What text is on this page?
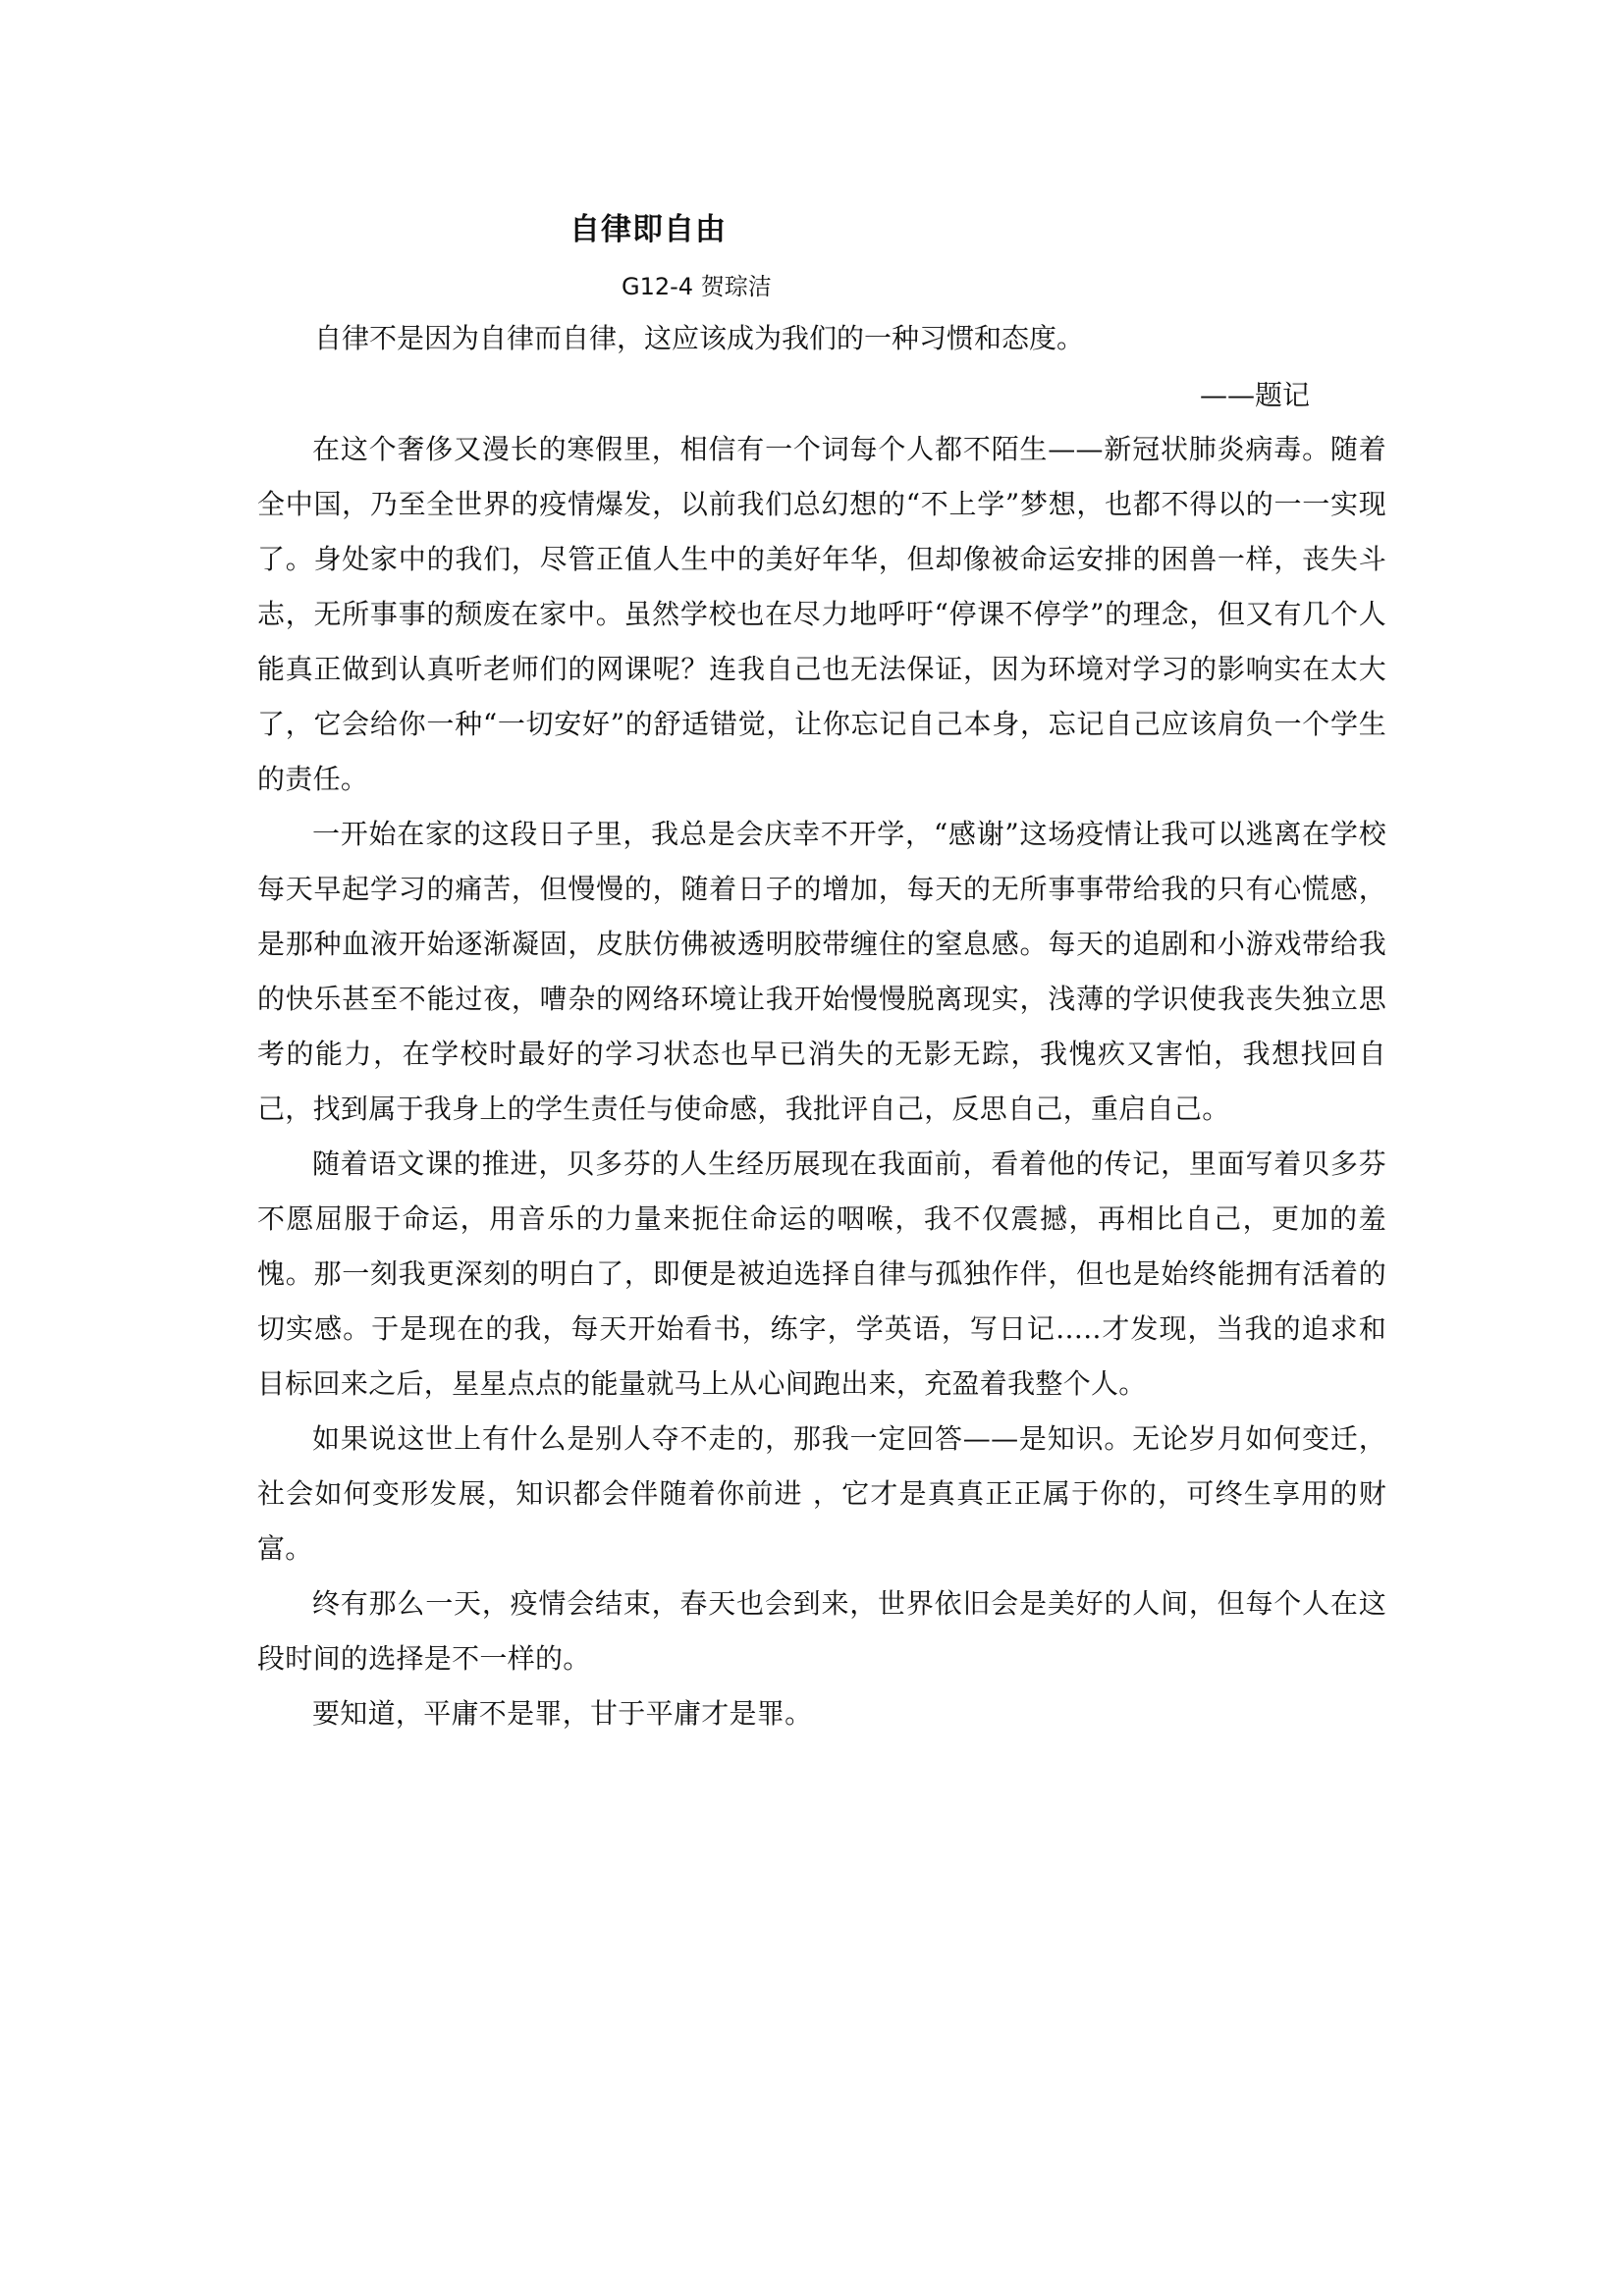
自律即自由

G12-4 贺琮洁

自律不是因为自律而自律，这应该成为我们的一种习惯和态度。

——题记

在这个奢侈又漫长的寒假里，相信有一个词每个人都不陌生——新冠状肺炎病毒。随着全中国，乃至全世界的疫情爆发，以前我们总幻想的“不上学”梦想，也都不得以的一一实现了。身处家中的我们，尽管正值人生中的美好年华，但却像被命运安排的困兽一样，丧失斗志，无所事事的颓废在家中。虽然学校也在尽力地呼吁“停课不停学”的理念，但又有几个人能真正做到认真听老师们的网课呢？连我自己也无法保证，因为环境对学习的影响实在太大了，它会给你一种“一切安好”的舒适错觉，让你忘记自己本身，忘记自己应该肩负一个学生的责任。

一开始在家的这段日子里，我总是会庆幸不开学，“感谢”这场疫情让我可以逃离在学校每天早起学习的痛苦，但慢慢的，随着日子的增加，每天的无所事事带给我的只有心慌感，是那种血液开始逐渐凝固，皮肤仿佛被透明胶带缠住的窒息感。每天的追剧和小游戏带给我的快乐甚至不能过夜，嘈杂的网络环境让我开始慢慢脱离现实，浅薄的学识使我丧失独立思考的能力，在学校时最好的学习状态也早已消失的无影无踪，我愧疚又害怕，我想找回自己，找到属于我身上的学生责任与使命感，我批评自己，反思自己，重启自己。

随着语文课的推进，贝多芬的人生经历展现在我面前，看着他的传记，里面写着贝多芬不愿屈服于命运，用音乐的力量来扼住命运的咽喉，我不仅震撼，再相比自己，更加的羞愧。那一刻我更深刻的明白了，即便是被迫选择自律与孤独作伴，但也是始终能拥有活着的切实感。于是现在的我，每天开始看书，练字，学英语，写日记…..才发现，当我的追求和目标回来之后，星星点点的能量就马上从心间跑出来，充盈着我整个人。

如果说这世上有什么是别人夺不走的，那我一定回答——是知识。无论岁月如何变迁，社会如何变形发展，知识都会伴随着你前进 ，它才是真真正正属于你的，可终生享用的财富。

终有那么一天，疫情会结束，春天也会到来，世界依旧会是美好的人间，但每个人在这段时间的选择是不一样的。

要知道，平庸不是罪，甘于平庸才是罪。
